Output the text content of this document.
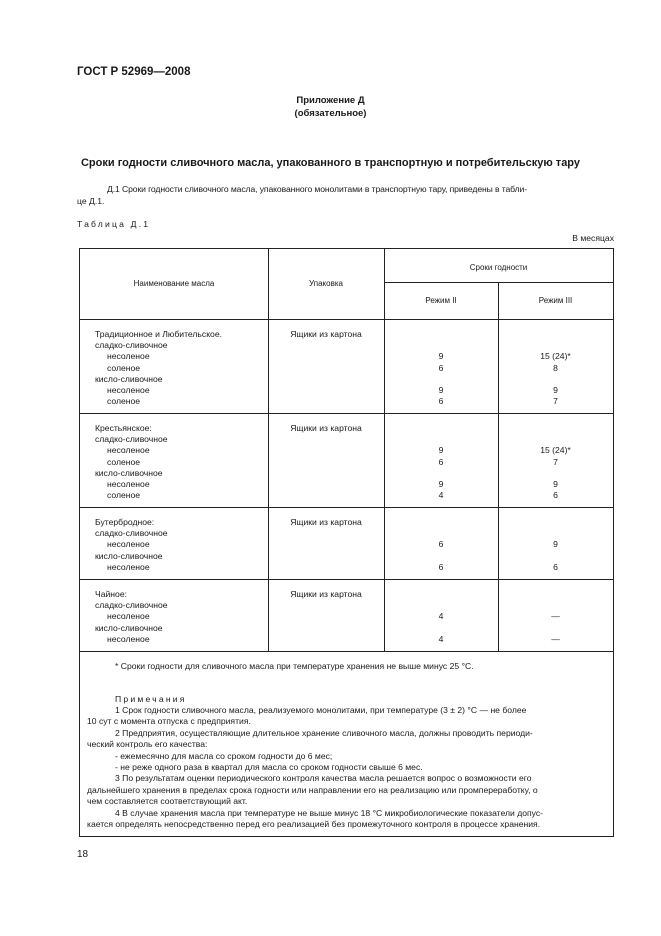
ГОСТ Р 52969—2008
Приложение Д
(обязательное)
Сроки годности сливочного масла, упакованного в транспортную и потребительскую тару
Д.1 Сроки годности сливочного масла, упакованного монолитами в транспортную тару, приведены в табли-
це Д.1.
Таблица Д.1
В месяцах
Наименование масла	Упаковка
Сроки годности
Режим II	Режим III
Ящики из картона
Традиционное и Любительское.
сладко-сливочное
несоленое	9	15 (24)*
соленое	6	8
кисло-сливочное
несоленое	9	9
соленое	6	7
Ящики из картона
Крестьянское:
сладко-сливочное
несоленое	9	15 (24)*
соленое	6	7
кисло-сливочное
несоленое	9	9
соленое	4	6
Ящики из картона
Бутербродное:
сладко-сливочное
несоленое	6	9
кисло-сливочное
несоленое	6	6
Ящики из картона
Чайное:
сладко-сливочное
несоленое	4	—
кисло-сливочное
несоленое	4	—
* Сроки годности для сливочного масла при температуре хранения не выше минус 25 °С.
Примечания
1 Срок годности сливочного масла, реализуемого монолитами, при температуре (3 ± 2) °С — не более
10 сут с момента отпуска с предприятия.
2 Предприятия, осуществляющие длительное хранение сливочного масла, должны проводить периоди-
ческий контроль его качества:
- ежемесячно для масла со сроком годности до 6 мес;
- не реже одного раза в квартал для масла со сроком годности свыше 6 мес.
3 По результатам оценки периодического контроля качества масла решается вопрос о возможности его
дальнейшего хранения в пределах срока годности или направлении его на реализацию или промпереработку, о
чем составляется соответствующий акт.
4 В случае хранения масла при температуре не выше минус 18 °С микробиологические показатели допус-
кается определять непосредственно перед его реализацией без промежуточного контроля в процессе хранения.
18
